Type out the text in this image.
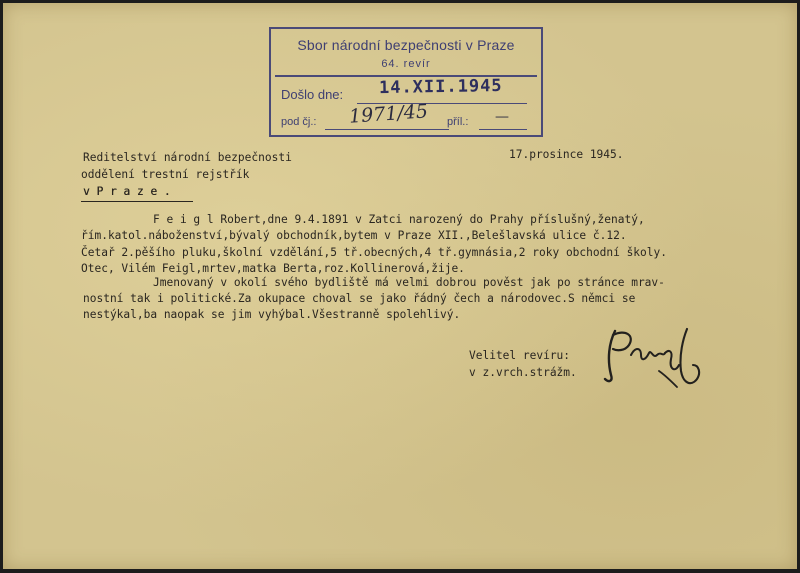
Sbor národní bezpečnosti v Praze
64. revír
Došlo dne: 14.XII.1945
pod čj.: 1971/45 příl.: —
Reditelství národní bezpečnosti
oddělení trestní rejstřík
v P r a z e .
17.prosince 1945.
F e i g l Robert,dne 9.4.1891 v Zatci narozený do Prahy příslušný,ženatý,
řím.katol.náboženství,bývalý obchodník,bytem v Praze XII.,Belešlavská ulice č.12.
Četař 2.pěšího pluku,školní vzdělání,5 tř.obecných,4 tř.gymnásia,2 roky obchodní školy.
Otec, Vilém Feigl,mrtev,matka Berta,roz.Kollinerová,žije.
Jmenovaný v okolí svého bydliště má velmi dobrou pověst jak po stránce mrav-
nostní tak i politické.Za okupace choval se jako řádný čech a národovec.S němci se
nestýkal,ba naopak se jim vyhýbal.Všestranně spolehlivý.
Velitel revíru:
v z.vrch.strážm.
